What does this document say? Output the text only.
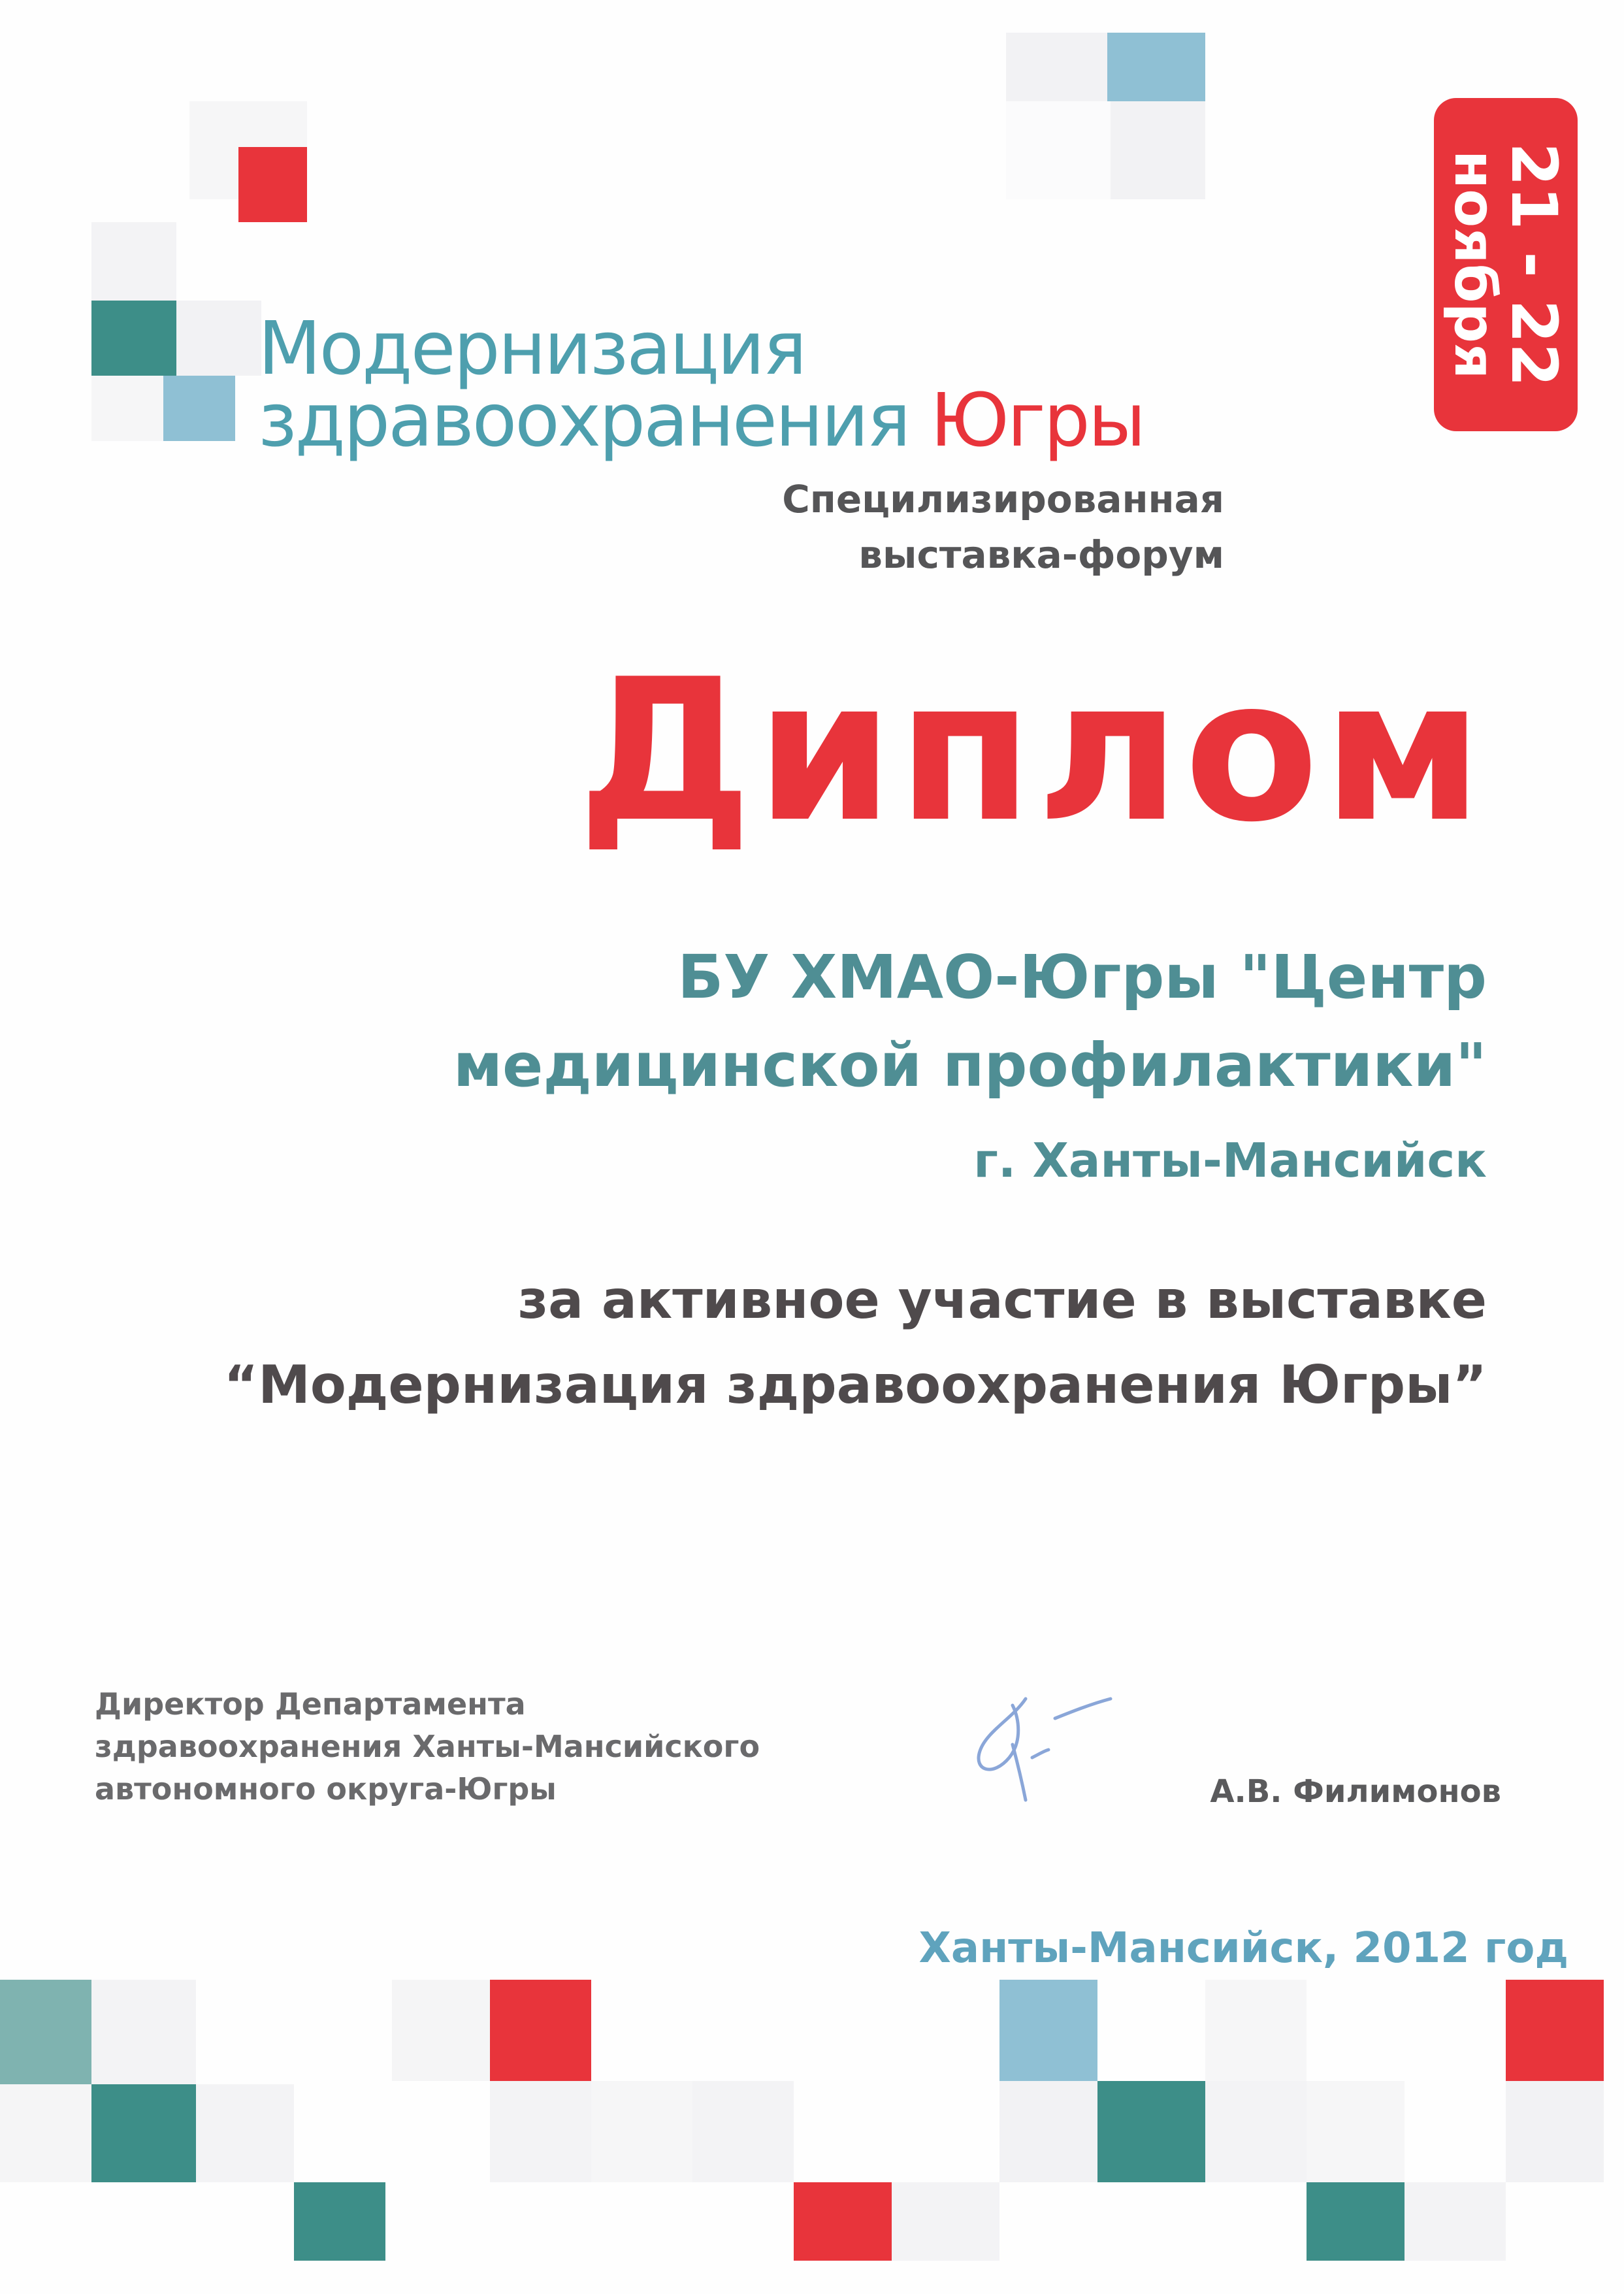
Модернизация
здравоохранения Югры
Специлизированная
выставка-форум
21 - 22
ноября
Диплом
БУ ХМАО-Югры "Центр
медицинской профилактики"
г. Ханты-Мансийск
за активное участие в выставке
“Модернизация здравоохранения Югры”
Директор Департамента
здравоохранения Ханты-Мансийского
автономного округа-Югры	А.В. Филимонов
Ханты-Мансийск, 2012 год
